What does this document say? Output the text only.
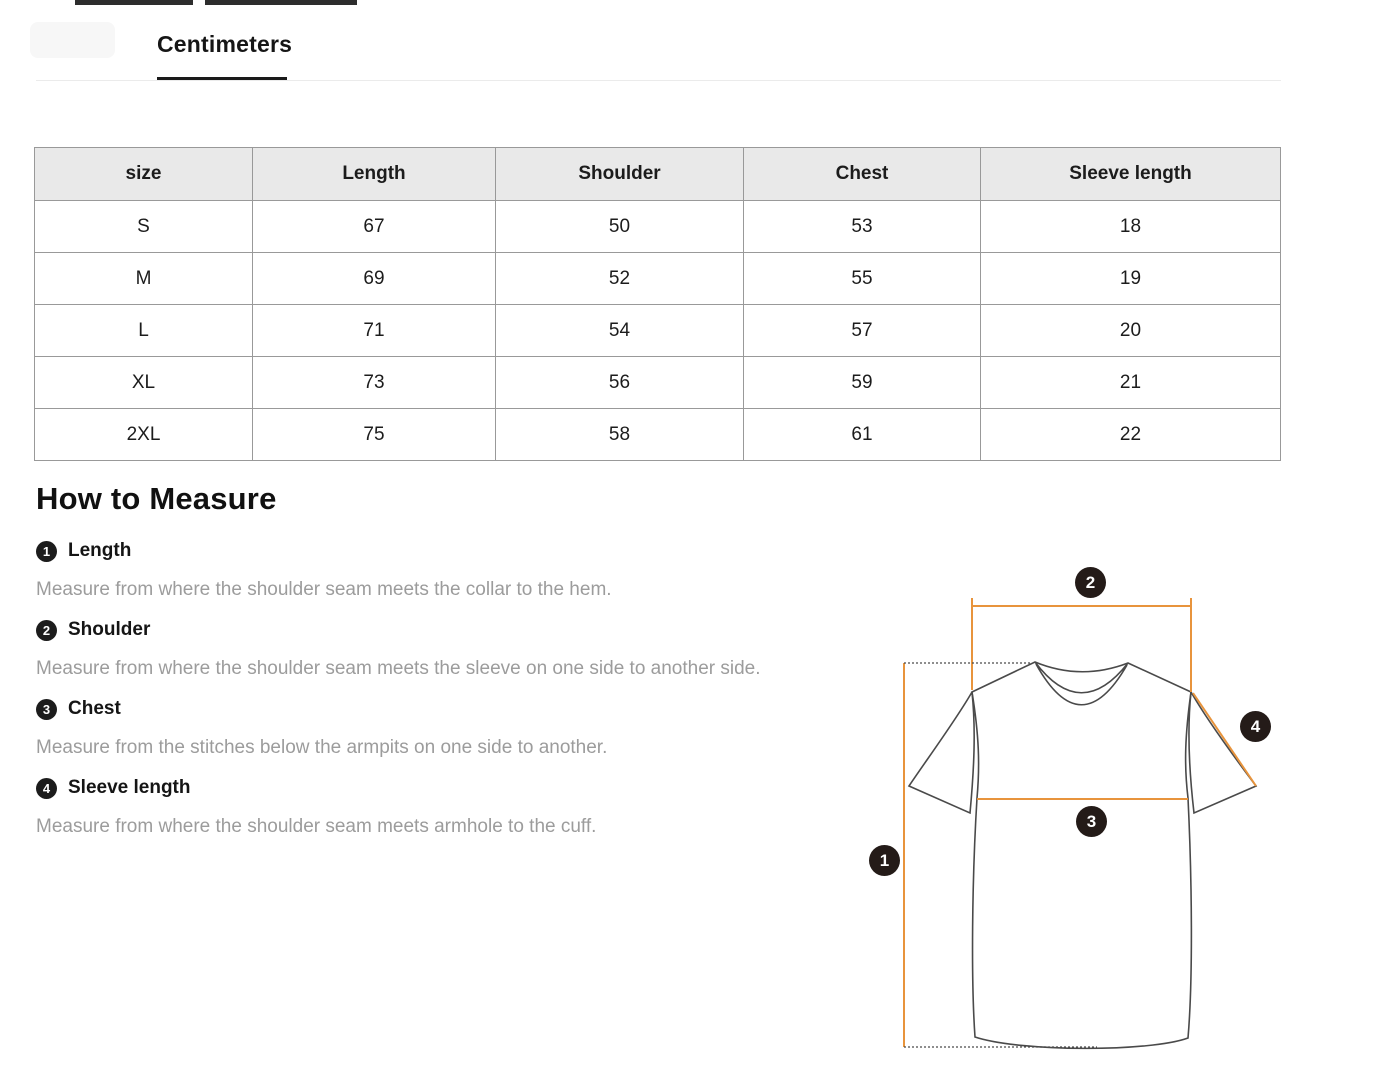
Centimeters
size	Length	Shoulder	Chest	Sleeve length
S	67	50	53	18
M	69	52	55	19
L	71	54	57	20
XL	73	56	59	21
2XL	75	58	61	22
How to Measure
1 Length
Measure from where the shoulder seam meets the collar to the hem.
2 Shoulder
Measure from where the shoulder seam meets the sleeve on one side to another side.
3 Chest
Measure from the stitches below the armpits on one side to another.
4 Sleeve length
Measure from where the shoulder seam meets armhole to the cuff.
1
2
3
4
